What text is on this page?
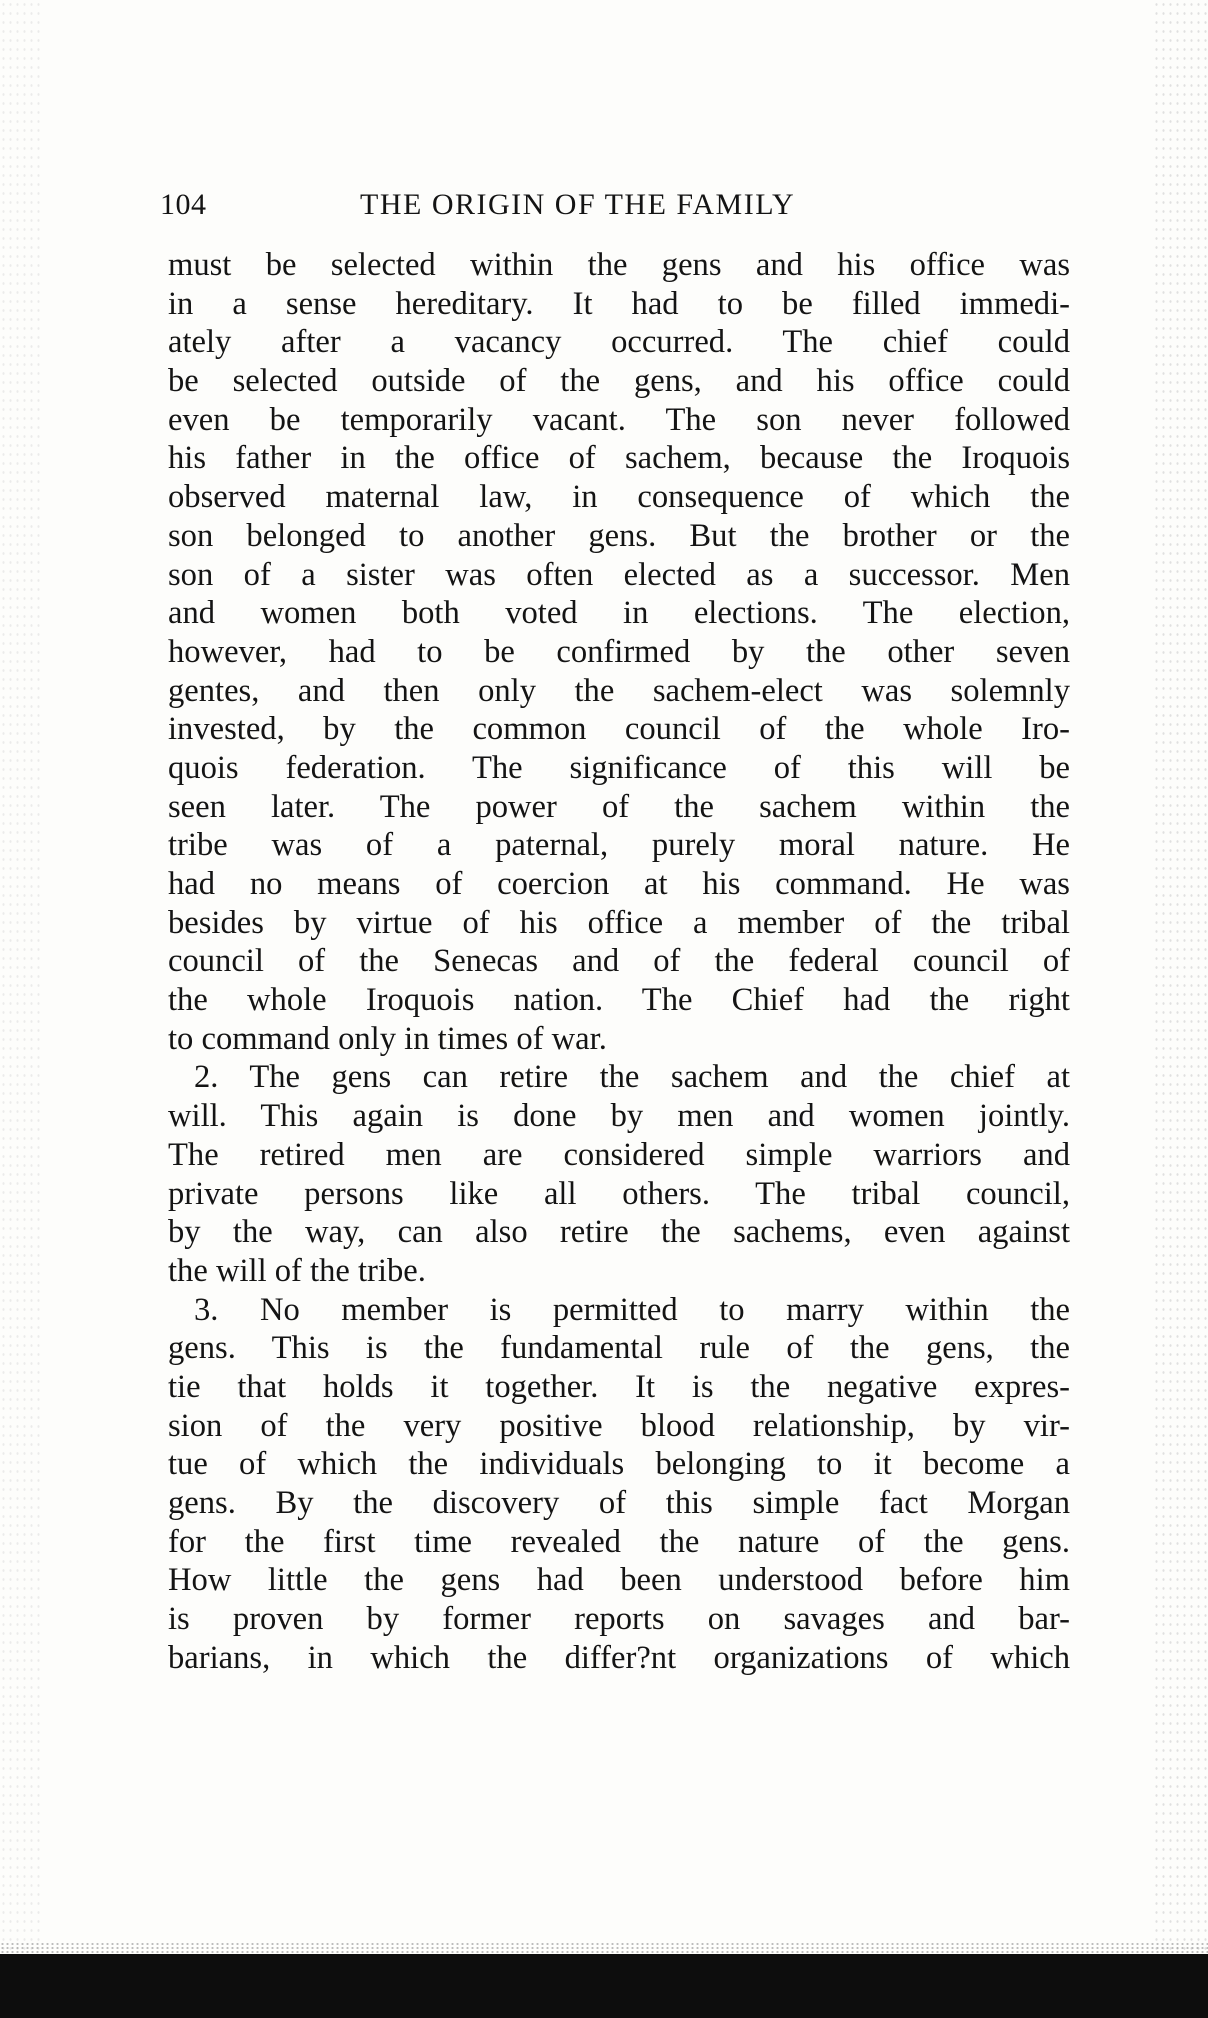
104	THE ORIGIN OF THE FAMILY
must be selected within the gens and his office was
in a sense hereditary. It had to be filled immedi-
ately after a vacancy occurred. The chief could
be selected outside of the gens, and his office could
even be temporarily vacant. The son never followed
his father in the office of sachem, because the Iroquois
observed maternal law, in consequence of which the
son belonged to another gens. But the brother or the
son of a sister was often elected as a successor. Men
and women both voted in elections. The election,
however, had to be confirmed by the other seven
gentes, and then only the sachem-elect was solemnly
invested, by the common council of the whole Iro-
quois federation. The significance of this will be
seen later. The power of the sachem within the
tribe was of a paternal, purely moral nature. He
had no means of coercion at his command. He was
besides by virtue of his office a member of the tribal
council of the Senecas and of the federal council of
the whole Iroquois nation. The Chief had the right
to command only in times of war.
2. The gens can retire the sachem and the chief at
will. This again is done by men and women jointly.
The retired men are considered simple warriors and
private persons like all others. The tribal council,
by the way, can also retire the sachems, even against
the will of the tribe.
3. No member is permitted to marry within the
gens. This is the fundamental rule of the gens, the
tie that holds it together. It is the negative expres-
sion of the very positive blood relationship, by vir-
tue of which the individuals belonging to it become a
gens. By the discovery of this simple fact Morgan
for the first time revealed the nature of the gens.
How little the gens had been understood before him
is proven by former reports on savages and bar-
barians, in which the differ?nt organizations of which
